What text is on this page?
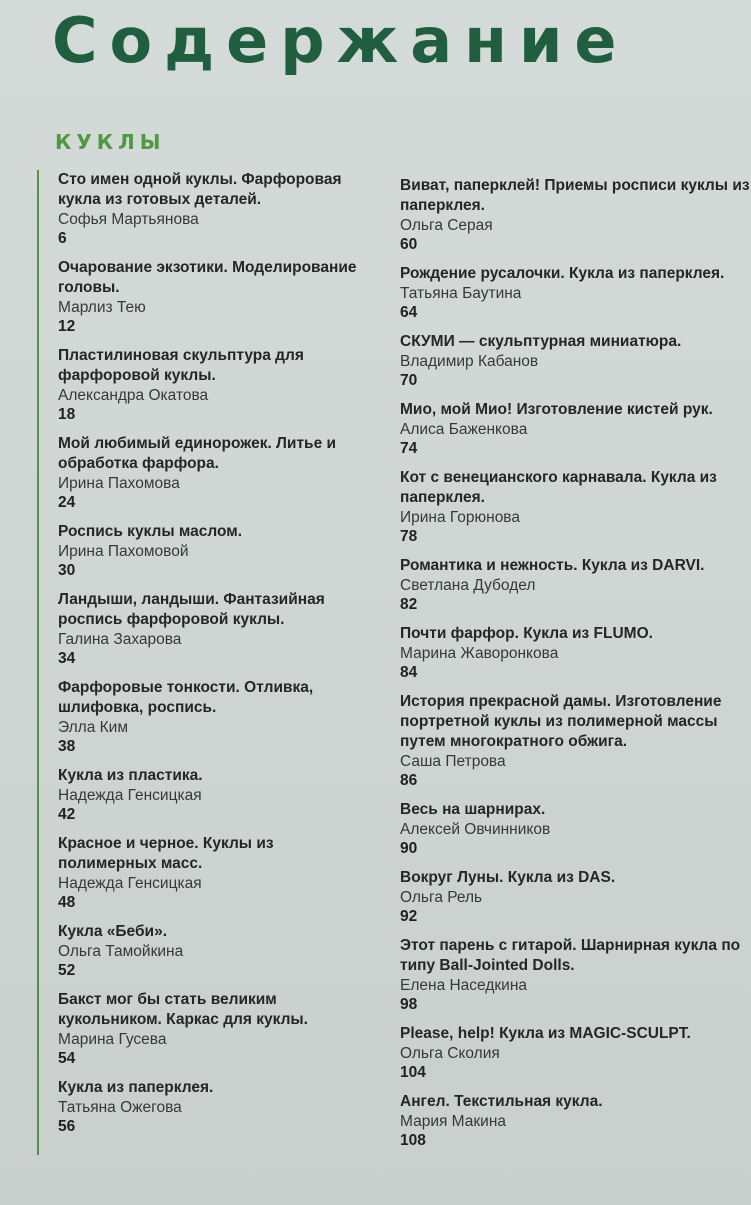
Содержание
КУКЛЫ
Сто имен одной куклы. Фарфоровая кукла из готовых деталей.
Софья Мартьянова
6
Очарование экзотики. Моделирование головы.
Марлиз Тею
12
Пластилиновая скульптура для фарфоровой куклы.
Александра Окатова
18
Мой любимый единорожек. Литье и обработка фарфора.
Ирина Пахомова
24
Роспись куклы маслом.
Ирина Пахомовой
30
Ландыши, ландыши. Фантазийная роспись фарфоровой куклы.
Галина Захарова
34
Фарфоровые тонкости. Отливка, шлифовка, роспись.
Элла Ким
38
Кукла из пластика.
Надежда Генсицкая
42
Красное и черное. Куклы из полимерных масс.
Надежда Генсицкая
48
Кукла «Беби».
Ольга Тамойкина
52
Бакст мог бы стать великим кукольником. Каркас для куклы.
Марина Гусева
54
Кукла из паперклея.
Татьяна Ожегова
56
Виват, паперклей! Приемы росписи куклы из паперклея.
Ольга Серая
60
Рождение русалочки. Кукла из паперклея.
Татьяна Баутина
64
СКУМИ — скульптурная миниатюра.
Владимир Кабанов
70
Мио, мой Мио! Изготовление кистей рук.
Алиса Баженкова
74
Кот с венецианского карнавала. Кукла из паперклея.
Ирина Горюнова
78
Романтика и нежность. Кукла из DARVI.
Светлана Дубодел
82
Почти фарфор. Кукла из FLUMO.
Марина Жаворонкова
84
История прекрасной дамы. Изготовление портретной куклы из полимерной массы путем многократного обжига.
Саша Петрова
86
Весь на шарнирах.
Алексей Овчинников
90
Вокруг Луны. Кукла из DAS.
Ольга Рель
92
Этот парень с гитарой. Шарнирная кукла по типу Ball-Jointed Dolls.
Елена Наседкина
98
Please, help! Кукла из MAGIC-SCULPT.
Ольга Сколия
104
Ангел. Текстильная кукла.
Мария Макина
108
